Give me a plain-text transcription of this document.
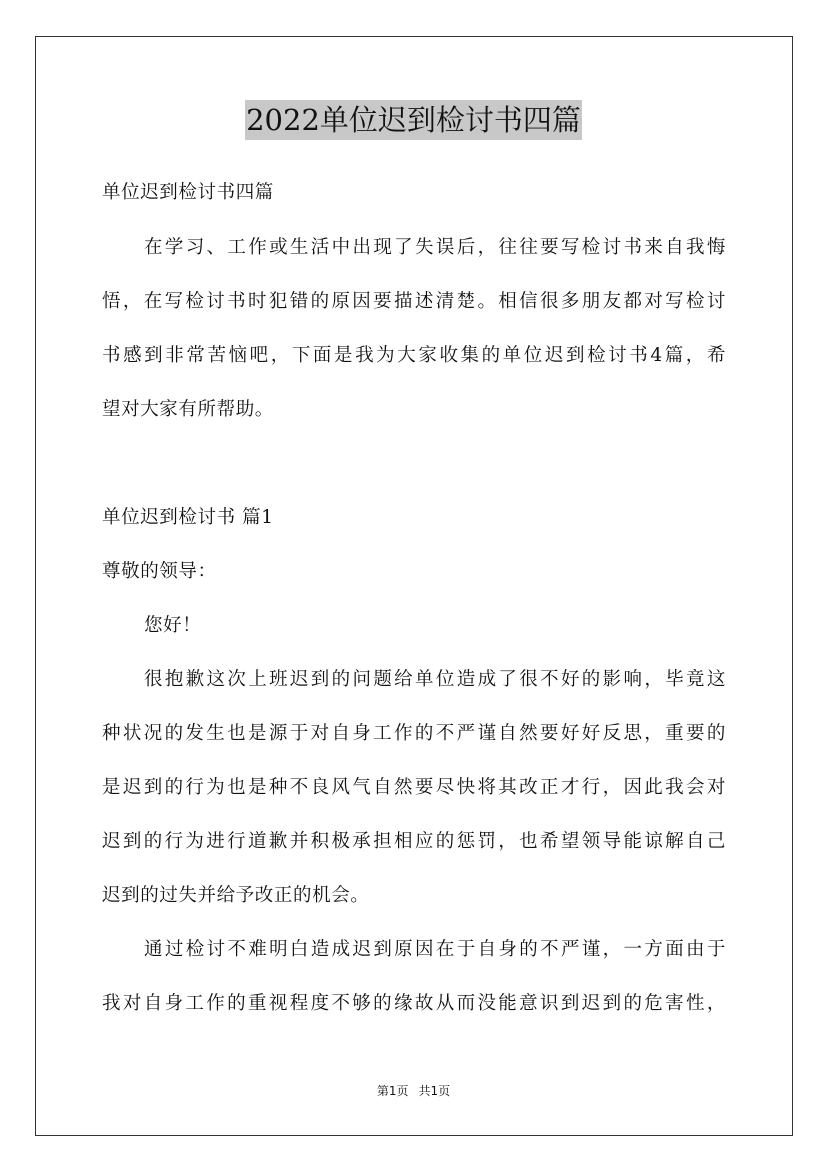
2022单位迟到检讨书四篇
单位迟到检讨书四篇
在学习、工作或生活中出现了失误后，往往要写检讨书来自我悔
悟，在写检讨书时犯错的原因要描述清楚。相信很多朋友都对写检讨
书感到非常苦恼吧，下面是我为大家收集的单位迟到检讨书4篇，希
望对大家有所帮助。
单位迟到检讨书 篇1
尊敬的领导：
您好！
很抱歉这次上班迟到的问题给单位造成了很不好的影响，毕竟这
种状况的发生也是源于对自身工作的不严谨自然要好好反思，重要的
是迟到的行为也是种不良风气自然要尽快将其改正才行，因此我会对
迟到的行为进行道歉并积极承担相应的惩罚，也希望领导能谅解自己
迟到的过失并给予改正的机会。
通过检讨不难明白造成迟到原因在于自身的不严谨，一方面由于
我对自身工作的重视程度不够的缘故从而没能意识到迟到的危害性，
第1页 共1页
